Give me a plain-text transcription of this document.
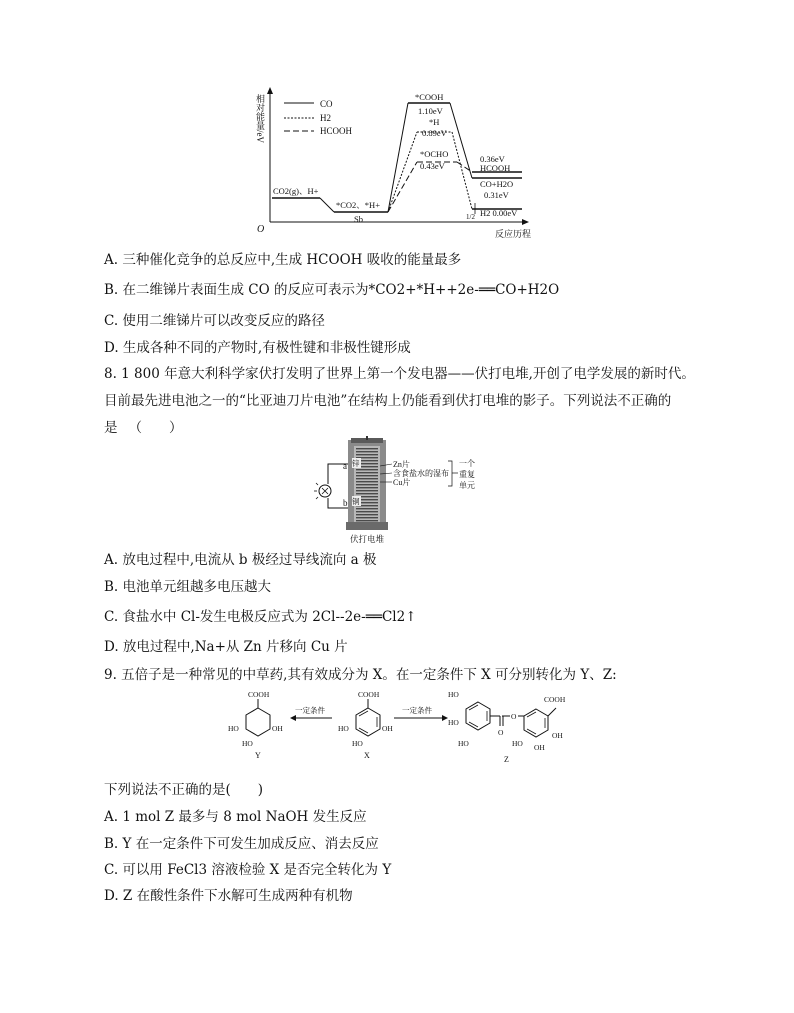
O
相对能量/eV
反应历程
CO
H2
HCOOH
CO2(g)、H+
*CO2、*H+
Sb
*COOH
1.10eV
*H
0.89eV
*OCHO
0.43eV
0.36eV
HCOOH
CO+H2O
0.31eV
1/2 H2 0.00eV
A. 三种催化竞争的总反应中,生成 HCOOH 吸收的能量最多
B. 在二维锑片表面生成 CO 的反应可表示为*CO2+*H++2e-══CO+H2O
C. 使用二维锑片可以改变反应的路径
D. 生成各种不同的产物时,有极性键和非极性键形成
8. 1 800 年意大利科学家伏打发明了世界上第一个发电器——伏打电堆,开创了电学发展的新时代。
目前最先进电池之一的“比亚迪刀片电池”在结构上仍能看到伏打电堆的影子。下列说法不正确的
是 　（　　）
a
b
锌
铜
Zn片
含食盐水的湿布
Cu片
一个
重复
单元
伏打电堆
A. 放电过程中,电流从 b 极经过导线流向 a 极
B. 电池单元组越多电压越大
C. 食盐水中 Cl-发生电极反应式为 2Cl--2e-══Cl2↑
D. 放电过程中,Na+从 Zn 片移向 Cu 片
9. 五倍子是一种常见的中草药,其有效成分为 X。在一定条件下 X 可分别转化为 Y、Z:
COOH
HO
HO
OH
Y
一定条件
COOH
HO
HO
OH
X
一定条件
HO
HO
HO
O
O
COOH
HO OH
OH
Z
下列说法不正确的是(　　)
A. 1 mol Z 最多与 8 mol NaOH 发生反应
B. Y 在一定条件下可发生加成反应、消去反应
C. 可以用 FeCl3 溶液检验 X 是否完全转化为 Y
D. Z 在酸性条件下水解可生成两种有机物
